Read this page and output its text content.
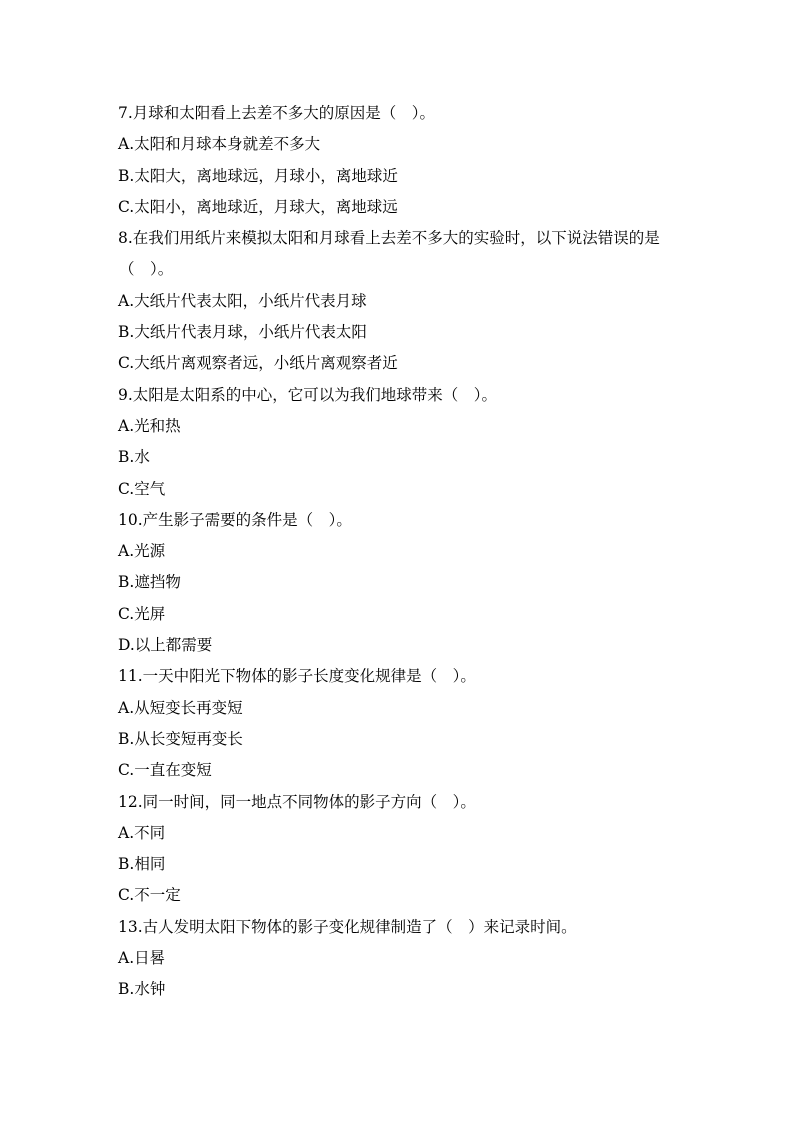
7.月球和太阳看上去差不多大的原因是（　）。
A.太阳和月球本身就差不多大
B.太阳大，离地球远，月球小，离地球近
C.太阳小，离地球近，月球大，离地球远
8.在我们用纸片来模拟太阳和月球看上去差不多大的实验时，以下说法错误的是
（　）。
A.大纸片代表太阳，小纸片代表月球
B.大纸片代表月球，小纸片代表太阳
C.大纸片离观察者远，小纸片离观察者近
9.太阳是太阳系的中心，它可以为我们地球带来（　）。
A.光和热
B.水
C.空气
10.产生影子需要的条件是（　）。
A.光源
B.遮挡物
C.光屏
D.以上都需要
11.一天中阳光下物体的影子长度变化规律是（　）。
A.从短变长再变短
B.从长变短再变长
C.一直在变短
12.同一时间，同一地点不同物体的影子方向（　）。
A.不同
B.相同
C.不一定
13.古人发明太阳下物体的影子变化规律制造了（　）来记录时间。
A.日晷
B.水钟
